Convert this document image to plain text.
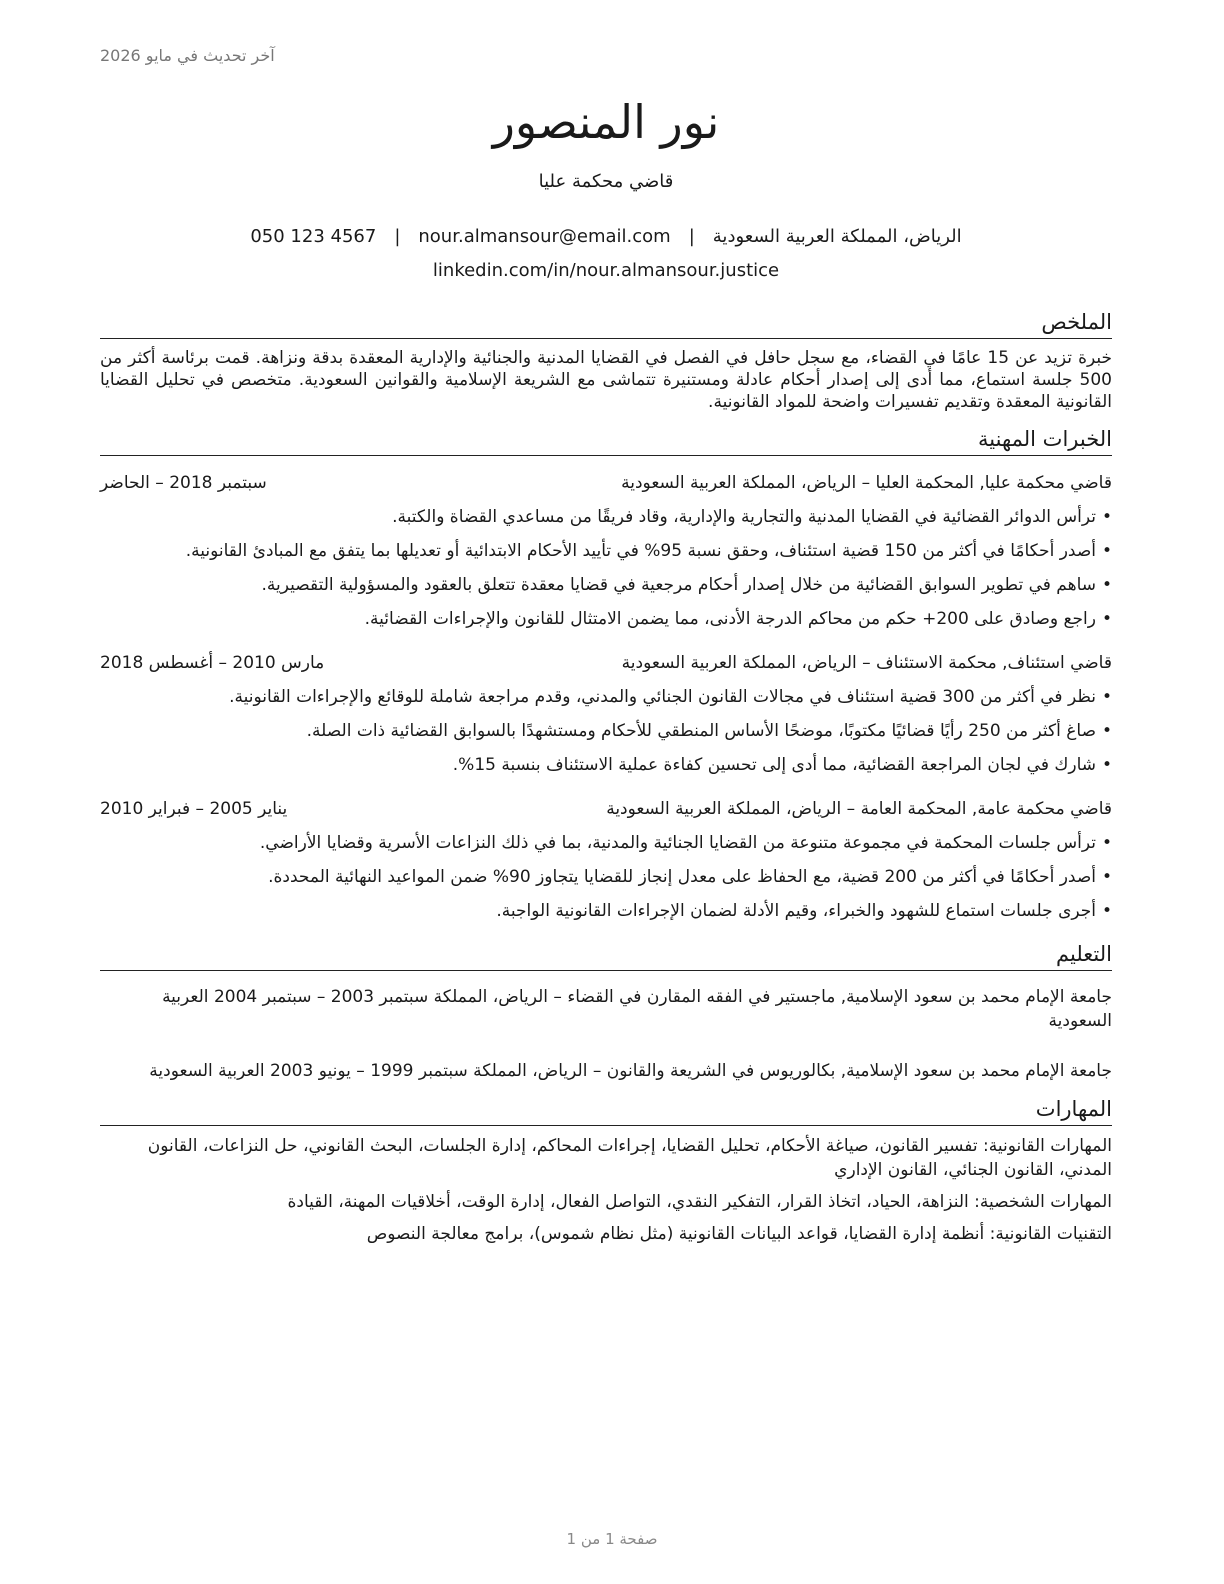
آخر تحديث في مايو 2026
نور المنصور
قاضي محكمة عليا
الرياض، المملكة العربية السعودية
|
nour.almansour@email.com
|
050 123 4567
linkedin.com/in/nour.almansour.justice
الملخص
خبرة تزيد عن 15 عامًا في القضاء، مع سجل حافل في الفصل في القضايا المدنية والجنائية والإدارية المعقدة بدقة ونزاهة. قمت برئاسة أكثر من 500 جلسة استماع، مما أدى إلى إصدار أحكام عادلة ومستنيرة تتماشى مع الشريعة الإسلامية والقوانين السعودية. متخصص في تحليل القضايا القانونية المعقدة وتقديم تفسيرات واضحة للمواد القانونية.
الخبرات المهنية
قاضي محكمة عليا, المحكمة العليا – الرياض، المملكة العربية السعودية
سبتمبر 2018 – الحاضر
• ترأس الدوائر القضائية في القضايا المدنية والتجارية والإدارية، وقاد فريقًا من مساعدي القضاة والكتبة.
• أصدر أحكامًا في أكثر من 150 قضية استئناف، وحقق نسبة 95% في تأييد الأحكام الابتدائية أو تعديلها بما يتفق مع المبادئ القانونية.
• ساهم في تطوير السوابق القضائية من خلال إصدار أحكام مرجعية في قضايا معقدة تتعلق بالعقود والمسؤولية التقصيرية.
• راجع وصادق على 200+ حكم من محاكم الدرجة الأدنى، مما يضمن الامتثال للقانون والإجراءات القضائية.
قاضي استئناف, محكمة الاستئناف – الرياض، المملكة العربية السعودية
مارس 2010 – أغسطس 2018
• نظر في أكثر من 300 قضية استئناف في مجالات القانون الجنائي والمدني، وقدم مراجعة شاملة للوقائع والإجراءات القانونية.
• صاغ أكثر من 250 رأيًا قضائيًا مكتوبًا، موضحًا الأساس المنطقي للأحكام ومستشهدًا بالسوابق القضائية ذات الصلة.
• شارك في لجان المراجعة القضائية، مما أدى إلى تحسين كفاءة عملية الاستئناف بنسبة 15%.
قاضي محكمة عامة, المحكمة العامة – الرياض، المملكة العربية السعودية
يناير 2005 – فبراير 2010
• ترأس جلسات المحكمة في مجموعة متنوعة من القضايا الجنائية والمدنية، بما في ذلك النزاعات الأسرية وقضايا الأراضي.
• أصدر أحكامًا في أكثر من 200 قضية، مع الحفاظ على معدل إنجاز للقضايا يتجاوز 90% ضمن المواعيد النهائية المحددة.
• أجرى جلسات استماع للشهود والخبراء، وقيم الأدلة لضمان الإجراءات القانونية الواجبة.
التعليم
جامعة الإمام محمد بن سعود الإسلامية, ماجستير في الفقه المقارن في القضاء – الرياض، المملكة سبتمبر 2003 – سبتمبر 2004 العربية السعودية
جامعة الإمام محمد بن سعود الإسلامية, بكالوريوس في الشريعة والقانون – الرياض، المملكة سبتمبر 1999 – يونيو 2003 العربية السعودية
المهارات
المهارات القانونية: تفسير القانون، صياغة الأحكام، تحليل القضايا، إجراءات المحاكم، إدارة الجلسات، البحث القانوني، حل النزاعات، القانون المدني، القانون الجنائي، القانون الإداري
المهارات الشخصية: النزاهة، الحياد، اتخاذ القرار، التفكير النقدي، التواصل الفعال، إدارة الوقت، أخلاقيات المهنة، القيادة
التقنيات القانونية: أنظمة إدارة القضايا، قواعد البيانات القانونية (مثل نظام شموس)، برامج معالجة النصوص
صفحة 1 من 1
